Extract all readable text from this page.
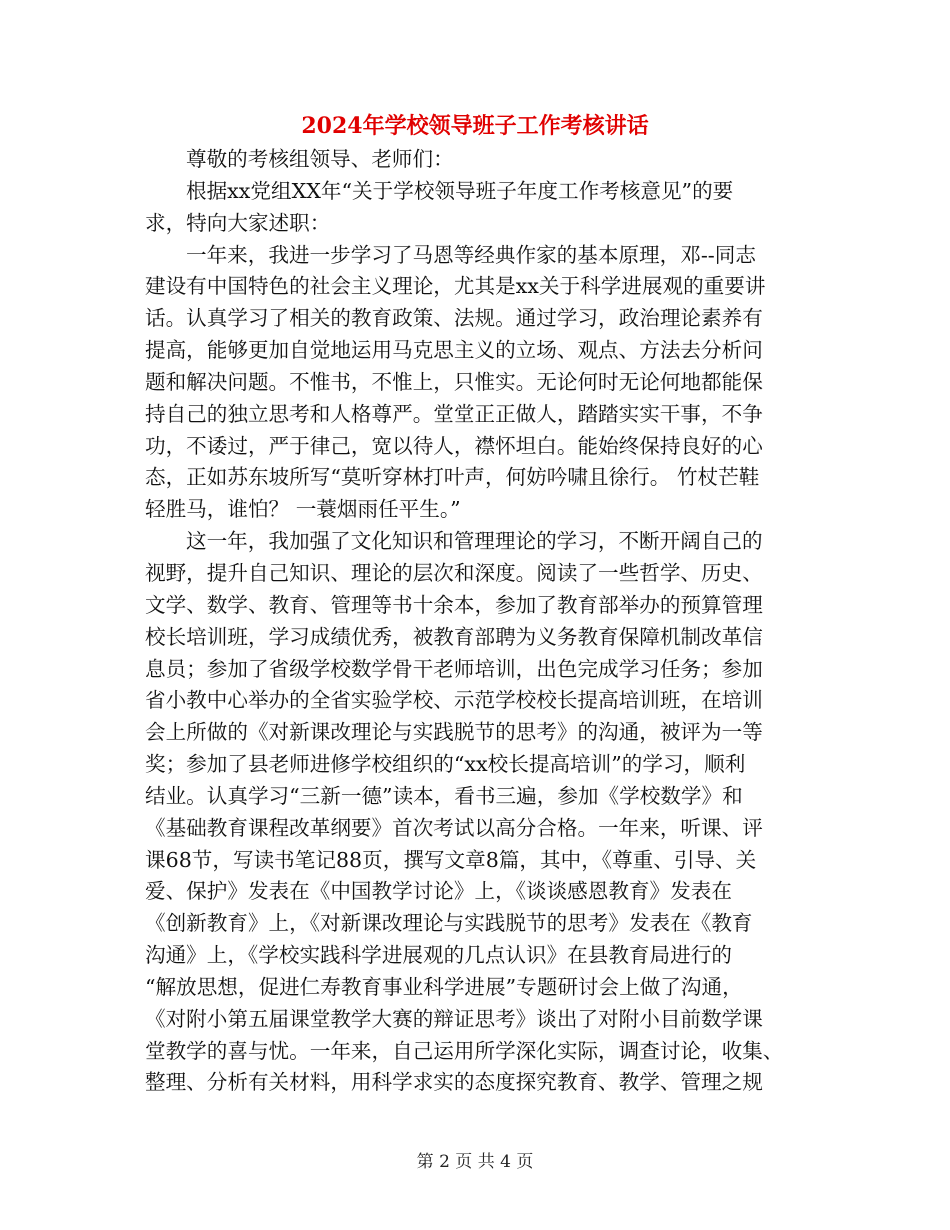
2024年学校领导班子工作考核讲话
尊敬的考核组领导、老师们：
根据xx党组XX年“关于学校领导班子年度工作考核意见”的要
求，特向大家述职：
一年来，我进一步学习了马恩等经典作家的基本原理，邓--同志
建设有中国特色的社会主义理论，尤其是xx关于科学进展观的重要讲
话。认真学习了相关的教育政策、法规。通过学习，政治理论素养有
提高，能够更加自觉地运用马克思主义的立场、观点、方法去分析问
题和解决问题。不惟书，不惟上，只惟实。无论何时无论何地都能保
持自己的独立思考和人格尊严。堂堂正正做人，踏踏实实干事，不争
功，不诿过，严于律己，宽以待人，襟怀坦白。能始终保持良好的心
态，正如苏东坡所写“莫听穿林打叶声，何妨吟啸且徐行。 竹杖芒鞋
轻胜马，谁怕？ 一蓑烟雨任平生。”
这一年，我加强了文化知识和管理理论的学习，不断开阔自己的
视野，提升自己知识、理论的层次和深度。阅读了一些哲学、历史、
文学、数学、教育、管理等书十余本，参加了教育部举办的预算管理
校长培训班，学习成绩优秀，被教育部聘为义务教育保障机制改革信
息员；参加了省级学校数学骨干老师培训，出色完成学习任务；参加
省小教中心举办的全省实验学校、示范学校校长提高培训班，在培训
会上所做的《对新课改理论与实践脱节的思考》的沟通，被评为一等
奖；参加了县老师进修学校组织的“xx校长提高培训”的学习，顺利
结业。认真学习“三新一德”读本，看书三遍，参加《学校数学》和
《基础教育课程改革纲要》首次考试以高分合格。一年来，听课、评
课68节，写读书笔记88页，撰写文章8篇，其中，《尊重、引导、关
爱、保护》发表在《中国教学讨论》上，《谈谈感恩教育》发表在
《创新教育》上，《对新课改理论与实践脱节的思考》发表在《教育
沟通》上，《学校实践科学进展观的几点认识》在县教育局进行的
“解放思想，促进仁寿教育事业科学进展”专题研讨会上做了沟通，
《对附小第五届课堂教学大赛的辩证思考》谈出了对附小目前数学课
堂教学的喜与忧。一年来，自己运用所学深化实际，调查讨论，收集、
整理、分析有关材料，用科学求实的态度探究教育、教学、管理之规
第 2 页 共 4 页
